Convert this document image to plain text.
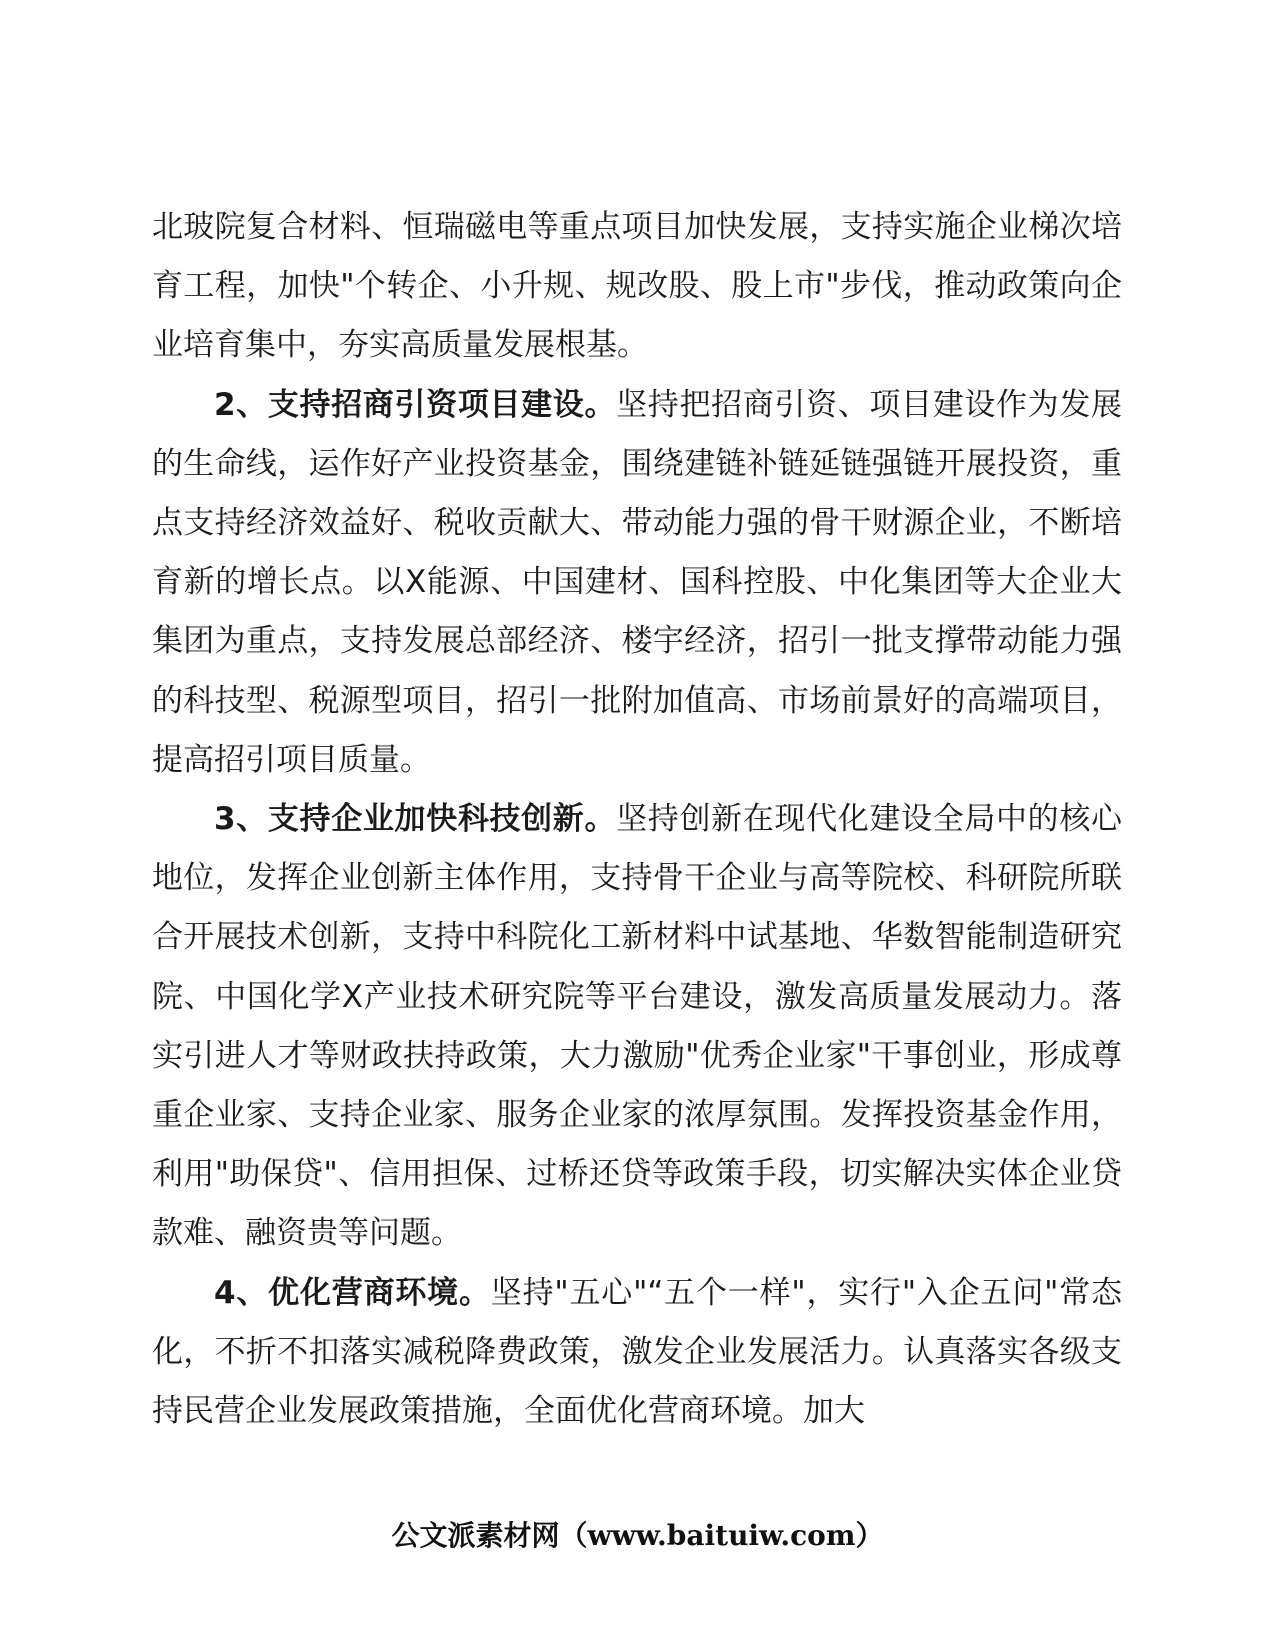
北玻院复合材料、恒瑞磁电等重点项目加快发展，支持实施企业梯次培育工程，加快"个转企、小升规、规改股、股上市"步伐，推动政策向企业培育集中，夯实高质量发展根基。

2、支持招商引资项目建设。坚持把招商引资、项目建设作为发展的生命线，运作好产业投资基金，围绕建链补链延链强链开展投资，重点支持经济效益好、税收贡献大、带动能力强的骨干财源企业，不断培育新的增长点。以X能源、中国建材、国科控股、中化集团等大企业大集团为重点，支持发展总部经济、楼宇经济，招引一批支撑带动能力强的科技型、税源型项目，招引一批附加值高、市场前景好的高端项目，提高招引项目质量。

3、支持企业加快科技创新。坚持创新在现代化建设全局中的核心地位，发挥企业创新主体作用，支持骨干企业与高等院校、科研院所联合开展技术创新，支持中科院化工新材料中试基地、华数智能制造研究院、中国化学X产业技术研究院等平台建设，激发高质量发展动力。落实引进人才等财政扶持政策，大力激励"优秀企业家"干事创业，形成尊重企业家、支持企业家、服务企业家的浓厚氛围。发挥投资基金作用，利用"助保贷"、信用担保、过桥还贷等政策手段，切实解决实体企业贷款难、融资贵等问题。

4、优化营商环境。坚持"五心"“五个一样"，实行"入企五问"常态化，不折不扣落实减税降费政策，激发企业发展活力。认真落实各级支持民营企业发展政策措施，全面优化营商环境。加大

公文派素材网（www.baituiw.com）
